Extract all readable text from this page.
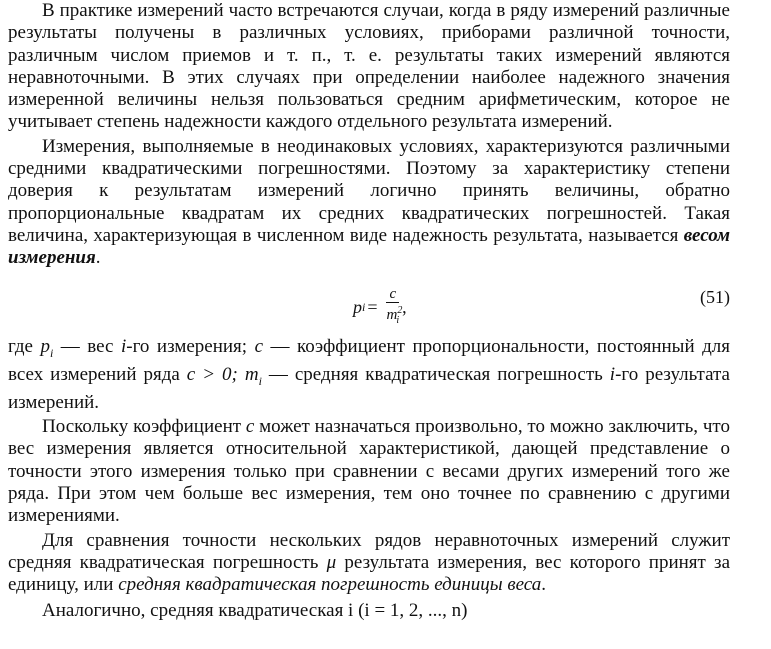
В практике измерений часто встречаются случаи, когда в ряду измерений различные результаты получены в различных условиях, приборами различной точности, различным числом приемов и т. п., т. е. результаты таких измерений являются неравноточными. В этих случаях при определении наиболее надежного значения измеренной величины нельзя пользоваться средним арифметическим, которое не учитывает степень надежности каждого отдельного результата измерений.

Измерения, выполняемые в неодинаковых условиях, характеризуются различными средними квадратическими погрешностями. Поэтому за характеристику степени доверия к результатам измерений логично принять величины, обратно пропорциональные квадратам их средних квадратических погрешностей. Такая величина, характеризующая в численном виде надежность результата, называется весом измерения.

p $i = \frac{c}{m^2_i}$ ,
(51)

где $p_i$ — вес i-го измерения; c — коэффициент пропорциональности, постоянный для всех измерений ряда c > 0; $m_i$ — средняя квадратическая погрешность i-го результата измерений.

Поскольку коэффициент c может назначаться произвольно, то можно заключить, что вес измерения является относительной характеристикой, дающей представление о точности этого измерения только при сравнении с весами других измерений того же ряда. При этом чем больше вес измерения, тем оно точнее по сравнению с другими измерениями.

Для сравнения точности нескольких рядов неравноточных измерений служит средняя квадратическая погрешность μ результата измерения, вес которого принят за единицу, или средняя квадратическая погрешность единицы веса.

Аналогично, средняя квадратическая i (i = 1, 2, ..., n)
